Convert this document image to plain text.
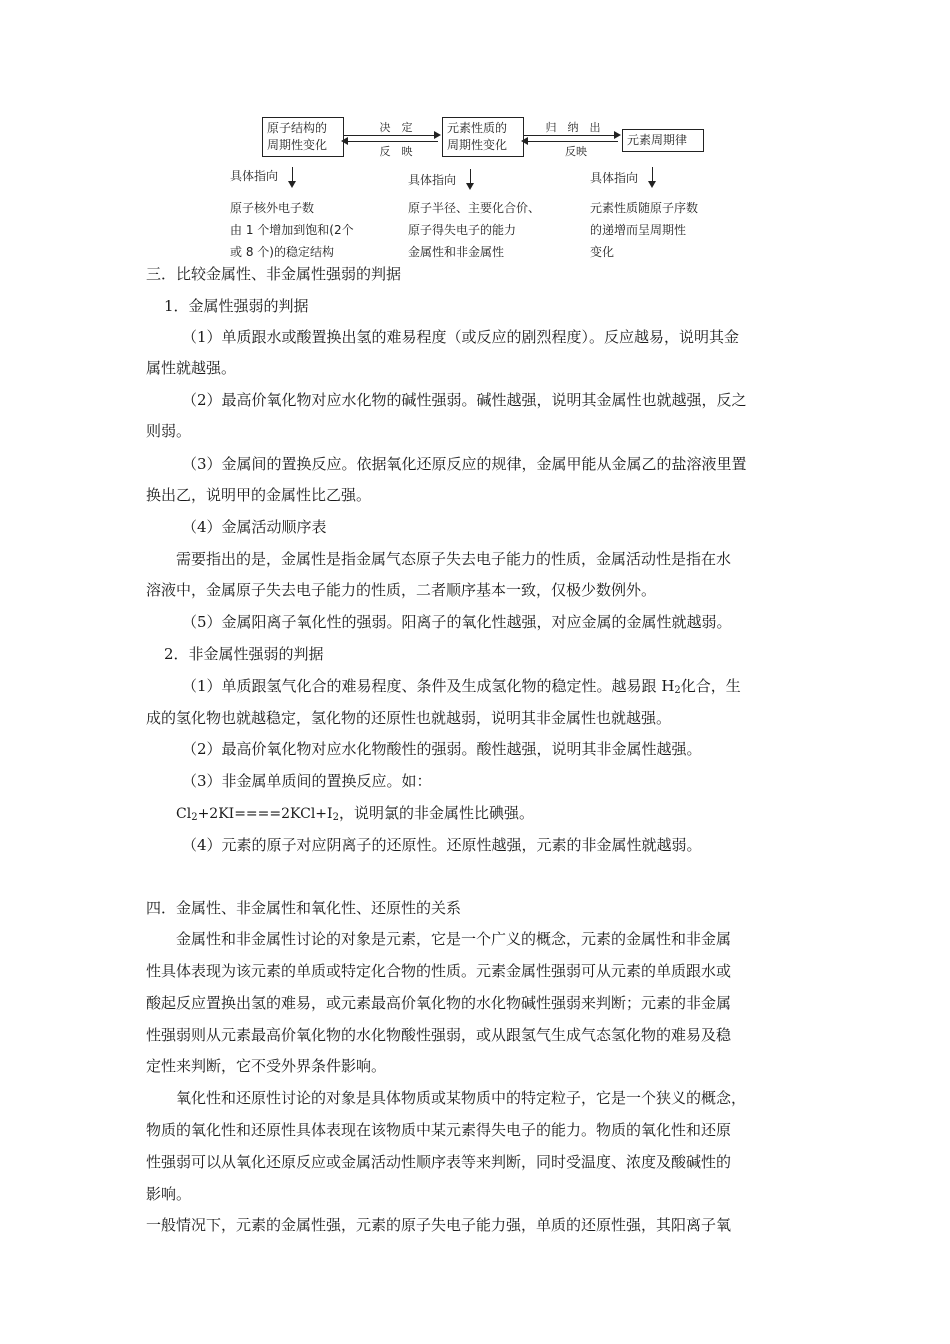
原子结构的
周期性变化
决　定
反　映
元素性质的
周期性变化
归　纳　出
反映
元素周期律
具体指向	具体指向	具体指向
原子核外电子数
由 1 个增加到饱和(2个
或 8 个)的稳定结构
原子半径、主要化合价、
原子得失电子的能力
金属性和非金属性
元素性质随原子序数
的递增而呈周期性
变化
三．比较金属性、非金属性强弱的判据
1．金属性强弱的判据
（1）单质跟水或酸置换出氢的难易程度（或反应的剧烈程度）。反应越易，说明其金
属性就越强。
（2）最高价氧化物对应水化物的碱性强弱。碱性越强，说明其金属性也就越强，反之
则弱。
（3）金属间的置换反应。依据氧化还原反应的规律，金属甲能从金属乙的盐溶液里置
换出乙，说明甲的金属性比乙强。
（4）金属活动顺序表
需要指出的是，金属性是指金属气态原子失去电子能力的性质，金属活动性是指在水
溶液中，金属原子失去电子能力的性质，二者顺序基本一致，仅极少数例外。
（5）金属阳离子氧化性的强弱。阳离子的氧化性越强，对应金属的金属性就越弱。
2．非金属性强弱的判据
（1）单质跟氢气化合的难易程度、条件及生成氢化物的稳定性。越易跟 $H_2$化合，生
成的氢化物也就越稳定，氢化物的还原性也就越弱，说明其非金属性也就越强。
（2）最高价氧化物对应水化物酸性的强弱。酸性越强，说明其非金属性越强。
（3）非金属单质间的置换反应。如：
$Cl_2+2KI====2KCl+I_2$，说明氯的非金属性比碘强。
（4）元素的原子对应阴离子的还原性。还原性越强，元素的非金属性就越弱。
四．金属性、非金属性和氧化性、还原性的关系
金属性和非金属性讨论的对象是元素，它是一个广义的概念，元素的金属性和非金属
性具体表现为该元素的单质或特定化合物的性质。元素金属性强弱可从元素的单质跟水或
酸起反应置换出氢的难易，或元素最高价氧化物的水化物碱性强弱来判断；元素的非金属
性强弱则从元素最高价氧化物的水化物酸性强弱，或从跟氢气生成气态氢化物的难易及稳
定性来判断，它不受外界条件影响。
氧化性和还原性讨论的对象是具体物质或某物质中的特定粒子，它是一个狭义的概念，
物质的氧化性和还原性具体表现在该物质中某元素得失电子的能力。物质的氧化性和还原
性强弱可以从氧化还原反应或金属活动性顺序表等来判断，同时受温度、浓度及酸碱性的
影响。
一般情况下，元素的金属性强，元素的原子失电子能力强，单质的还原性强，其阳离子氧
